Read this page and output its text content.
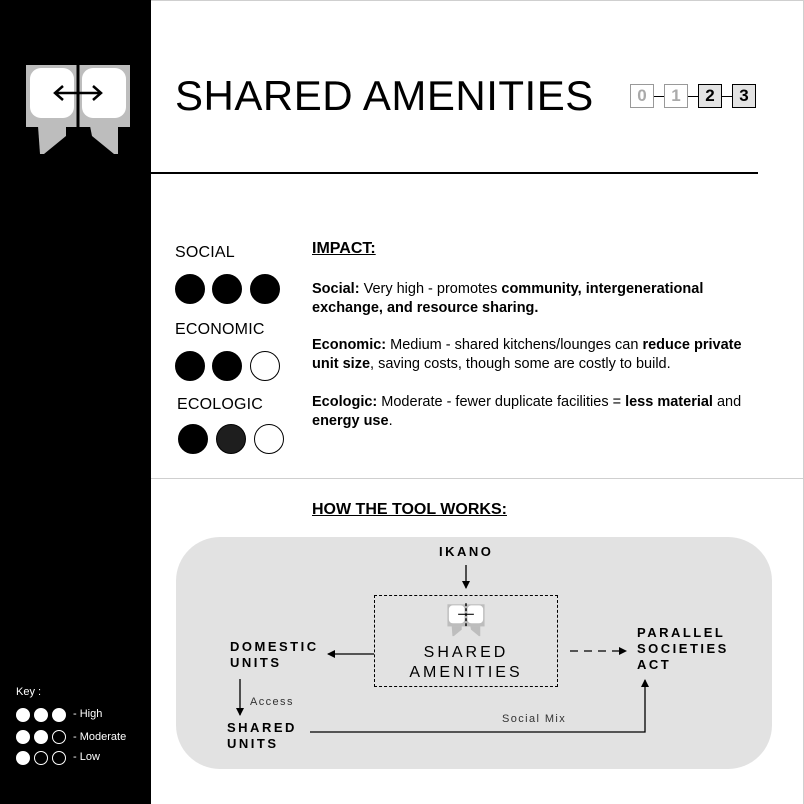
Key :
- High
- Moderate
- Low
SHARED AMENITIES	0	1	2	3
SOCIAL
ECONOMIC
ECOLOGIC
IMPACT:
Social: Very high - promotes community, intergenerational exchange, and resource sharing.
Economic: Medium - shared kitchens/lounges can reduce private unit size, saving costs, though some are costly to build.
Ecologic: Moderate - fewer duplicate facilities = less material and energy use.
HOW THE TOOL WORKS:
IKANO
SHARED
AMENITIES
DOMESTIC
UNITS
Access
SHARED
UNITS
Social Mix
PARALLEL
SOCIETIES
ACT
